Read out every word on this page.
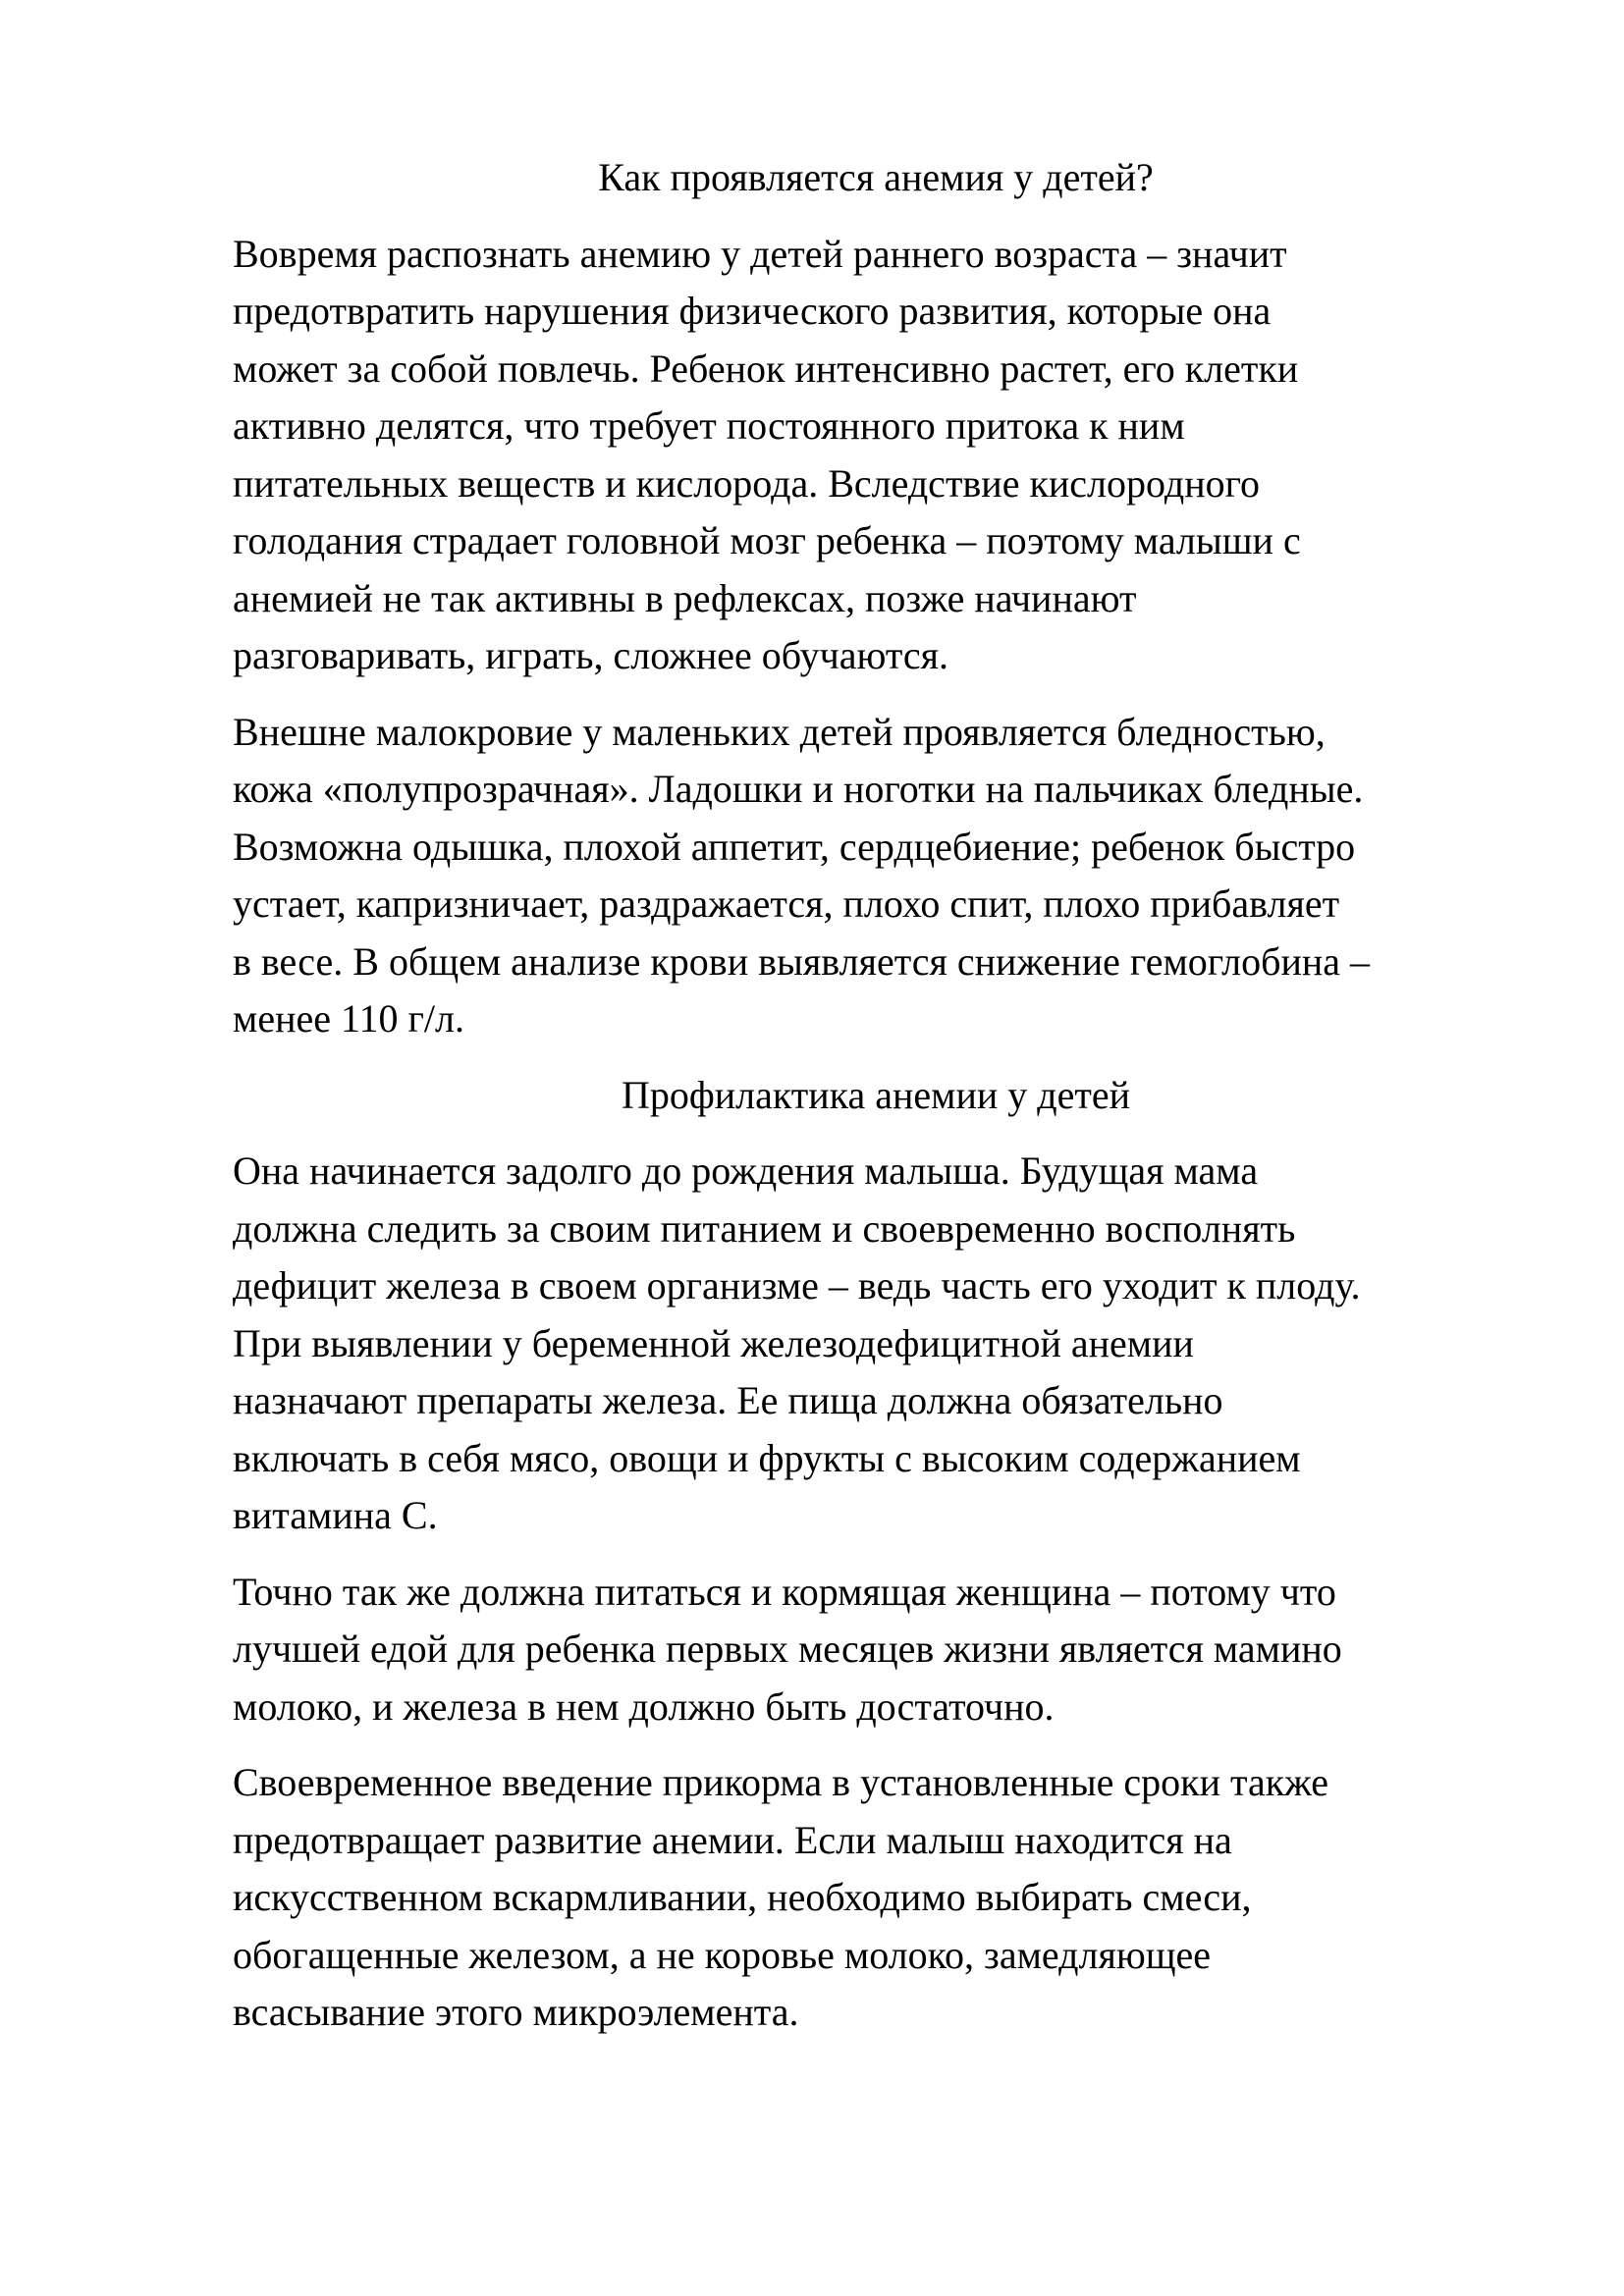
Как проявляется анемия у детей?
Вовремя распознать анемию у детей раннего возраста – значит
предотвратить нарушения физического развития, которые она
может за собой повлечь. Ребенок интенсивно растет, его клетки
активно делятся, что требует постоянного притока к ним
питательных веществ и кислорода. Вследствие кислородного
голодания страдает головной мозг ребенка – поэтому малыши с
анемией не так активны в рефлексах, позже начинают
разговаривать, играть, сложнее обучаются.
Внешне малокровие у маленьких детей проявляется бледностью,
кожа «полупрозрачная». Ладошки и ноготки на пальчиках бледные.
Возможна одышка, плохой аппетит, сердцебиение; ребенок быстро
устает, капризничает, раздражается, плохо спит, плохо прибавляет
в весе. В общем анализе крови выявляется снижение гемоглобина –
менее 110 г/л.
Профилактика анемии у детей
Она начинается задолго до рождения малыша. Будущая мама
должна следить за своим питанием и своевременно восполнять
дефицит железа в своем организме – ведь часть его уходит к плоду.
При выявлении у беременной железодефицитной анемии
назначают препараты железа. Ее пища должна обязательно
включать в себя мясо, овощи и фрукты с высоким содержанием
витамина С.
Точно так же должна питаться и кормящая женщина – потому что
лучшей едой для ребенка первых месяцев жизни является мамино
молоко, и железа в нем должно быть достаточно.
Своевременное введение прикорма в установленные сроки также
предотвращает развитие анемии. Если малыш находится на
искусственном вскармливании, необходимо выбирать смеси,
обогащенные железом, а не коровье молоко, замедляющее
всасывание этого микроэлемента.
